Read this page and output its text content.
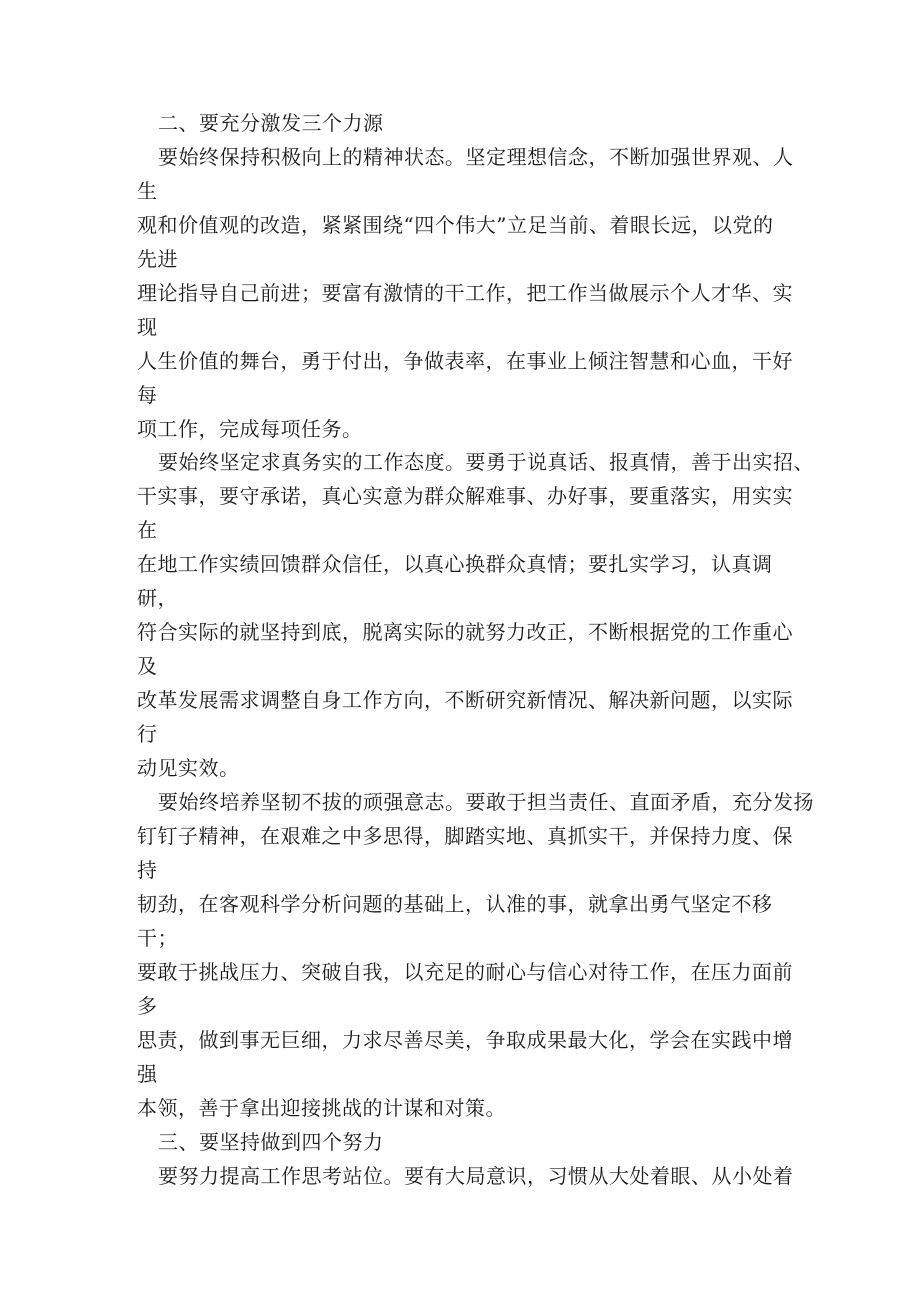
二、要充分激发三个力源
要始终保持积极向上的精神状态。坚定理想信念，不断加强世界观、人
生
观和价值观的改造，紧紧围绕“四个伟大”立足当前、着眼长远，以党的
先进
理论指导自己前进；要富有激情的干工作，把工作当做展示个人才华、实
现
人生价值的舞台，勇于付出，争做表率，在事业上倾注智慧和心血，干好
每
项工作，完成每项任务。
要始终坚定求真务实的工作态度。要勇于说真话、报真情，善于出实招、
干实事，要守承诺，真心实意为群众解难事、办好事，要重落实，用实实
在
在地工作实绩回馈群众信任，以真心换群众真情；要扎实学习，认真调
研，
符合实际的就坚持到底，脱离实际的就努力改正，不断根据党的工作重心
及
改革发展需求调整自身工作方向，不断研究新情况、解决新问题，以实际
行
动见实效。
要始终培养坚韧不拔的顽强意志。要敢于担当责任、直面矛盾，充分发扬
钉钉子精神，在艰难之中多思得，脚踏实地、真抓实干，并保持力度、保
持
韧劲，在客观科学分析问题的基础上，认准的事，就拿出勇气坚定不移
干；
要敢于挑战压力、突破自我，以充足的耐心与信心对待工作，在压力面前
多
思责，做到事无巨细，力求尽善尽美，争取成果最大化，学会在实践中增
强
本领，善于拿出迎接挑战的计谋和对策。
三、要坚持做到四个努力
要努力提高工作思考站位。要有大局意识，习惯从大处着眼、从小处着
